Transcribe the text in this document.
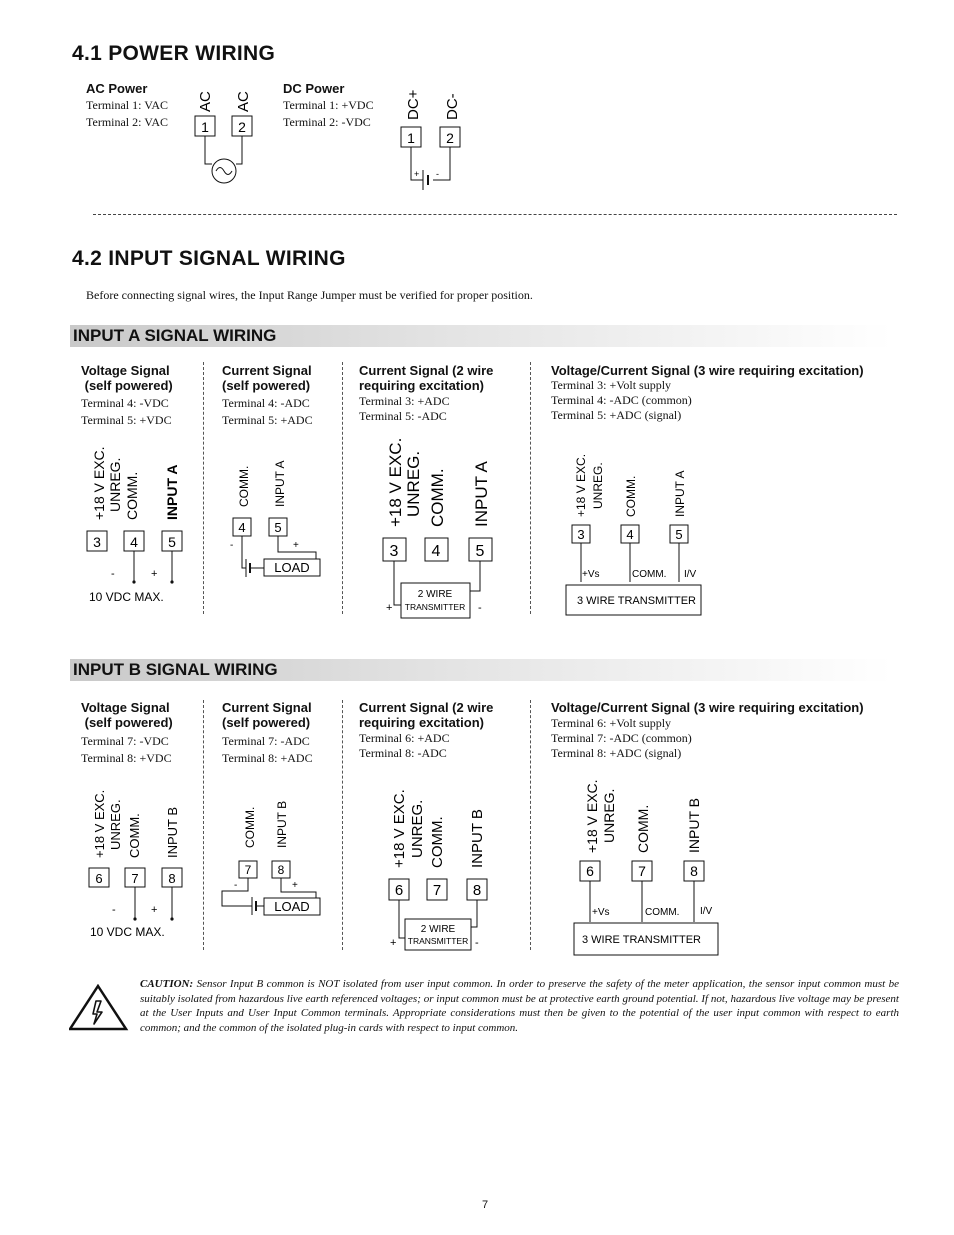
4.1 POWER WIRING
AC Power
Terminal 1: VAC
Terminal 2: VAC
DC Power
Terminal 1: +VDC
Terminal 2: -VDC
AC AC
1 2
DC+ DC-
1 2
+ -
4.2 INPUT SIGNAL WIRING
Before connecting signal wires, the Input Range Jumper must be verified for proper position.
INPUT A SIGNAL WIRING
Voltage Signal
(self powered)
Terminal 4: -VDC
Terminal 5: +VDC
+18 V EXC. UNREG. COMM. INPUT A
3 4 5
-	+
10 VDC MAX.
Current Signal
(self powered)
Terminal 4: -ADC
Terminal 5: +ADC
COMM. INPUT A
4 5
-	+
LOAD
Current Signal (2 wire
requiring excitation)
Terminal 3: +ADC
Terminal 5: -ADC
+18 V EXC. UNREG. COMM. INPUT A
3 4 5
2 WIRE
TRANSMITTER
+	-
Voltage/Current Signal (3 wire requiring excitation)
Terminal 3: +Volt supply
Terminal 4: -ADC (common)
Terminal 5: +ADC (signal)
+18 V EXC. UNREG. COMM.	INPUT A
3	4	5
+Vs	COMM. I/V
3 WIRE TRANSMITTER
INPUT B SIGNAL WIRING
Voltage Signal
(self powered)
Terminal 7: -VDC
Terminal 8: +VDC
+18 V EXC. UNREG. COMM. INPUT B
6 7 8
-	+
10 VDC MAX.
Current Signal
(self powered)
Terminal 7: -ADC
Terminal 8: +ADC
COMM. INPUT B
7 8
-	+
LOAD
Current Signal (2 wire
requiring excitation)
Terminal 6: +ADC
Terminal 8: -ADC
+18 V EXC. UNREG. COMM. INPUT B
6 7 8
2 WIRE
TRANSMITTER
+	-
Voltage/Current Signal (3 wire requiring excitation)
Terminal 6: +Volt supply
Terminal 7: -ADC (common)
Terminal 8: +ADC (signal)
+18 V EXC. UNREG. COMM.	INPUT B
6	7	8
+Vs	COMM. I/V
3 WIRE TRANSMITTER
CAUTION: Sensor Input B common is NOT isolated from user input common. In order to preserve the safety of the meter application, the sensor input common must be suitably isolated from hazardous live earth referenced voltages; or input common must be at protective earth ground potential. If not, hazardous live voltage may be present at the User Inputs and User Input Common terminals. Appropriate considerations must then be given to the potential of the user input common with respect to earth common; and the common of the isolated plug-in cards with respect to input common.
7
